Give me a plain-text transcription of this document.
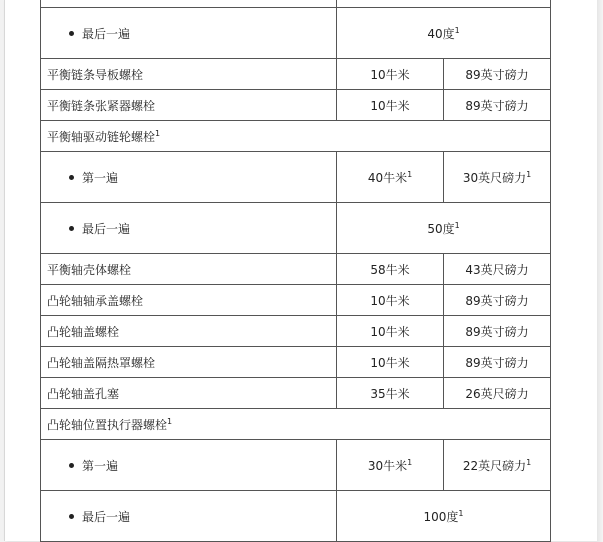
最后一遍	40度$^1$
平衡链条导板螺栓	10牛米	89英寸磅力
平衡链条张紧器螺栓	10牛米	89英寸磅力
平衡轴驱动链轮螺栓$^1$

第一遍	40牛米$^1$	30英尺磅力$^1$

最后一遍	50度$^1$
平衡轴壳体螺栓	58牛米	43英尺磅力
凸轮轴轴承盖螺栓	10牛米	89英寸磅力
凸轮轴盖螺栓	10牛米	89英寸磅力
凸轮轴盖隔热罩螺栓	10牛米	89英寸磅力
凸轮轴盖孔塞	35牛米	26英尺磅力
凸轮轴位置执行器螺栓$^1$

第一遍	30牛米$^1$	22英尺磅力$^1$

最后一遍	100度$^1$
